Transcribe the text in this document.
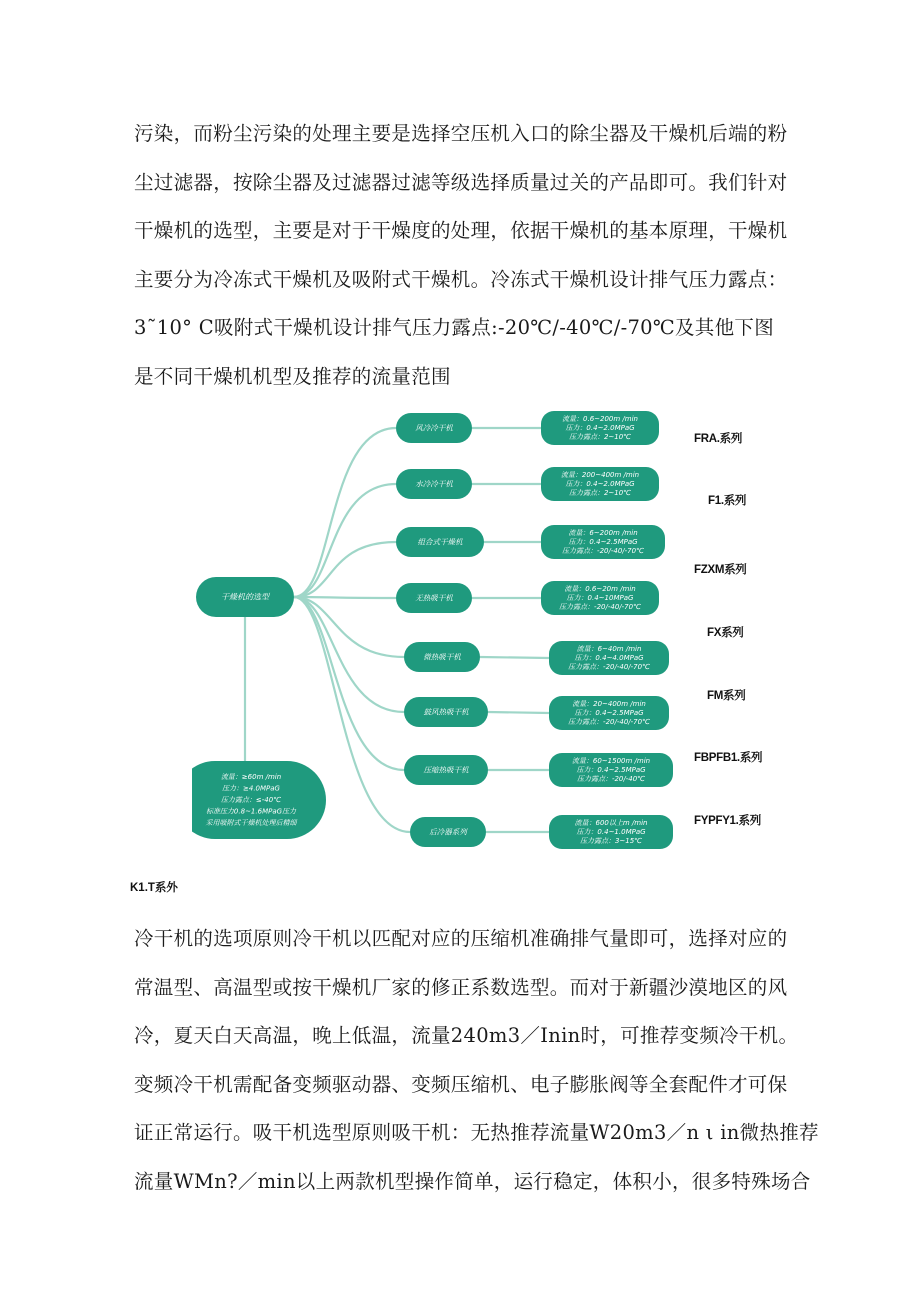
污染，而粉尘污染的处理主要是选择空压机入口的除尘器及干燥机后端的粉
尘过滤器，按除尘器及过滤器过滤等级选择质量过关的产品即可。我们针对
干燥机的选型，主要是对于干燥度的处理，依据干燥机的基本原理，干燥机
主要分为冷冻式干燥机及吸附式干燥机。冷冻式干燥机设计排气压力露点：
3˜10° C吸附式干燥机设计排气压力露点:-20℃/-40℃/-70℃及其他下图
是不同干燥机机型及推荐的流量范围

干燥机的选型
流量：≥60m /min
压力：≥4.0MPaG
压力露点：≤-40℃
标准压力0.8~1.6MPaG压力
采用吸附式干燥机处理后精细
风冷冷干机
流量：0.6~200m /min
压力：0.4~2.0MPaG
压力露点：2~10℃
水冷冷干机
流量：200~400m /min
压力：0.4~2.0MPaG
压力露点：2~10℃
组合式干燥机
流量：6~200m /min
压力：0.4~2.5MPaG
压力露点：-20/-40/-70℃
无热吸干机
流量：0.6~20m /min
压力：0.4~10MPaG
压力露点：-20/-40/-70℃
微热吸干机
流量：6~40m /min
压力：0.4~4.0MPaG
压力露点：-20/-40/-70℃
鼓风热吸干机
流量：20~400m /min
压力：0.4~2.5MPaG
压力露点：-20/-40/-70℃
压缩热吸干机
流量：60~1500m /min
压力：0.4~2.5MPaG
压力露点：-20/-40℃
后冷器系列
流量：600以上m /min
压力：0.4~1.0MPaG
压力露点：3~15℃
FRA.系列
F1.系列
FZXM系列
FX系列
FM系列
FBPFB1.系列
FYPFY1.系列
K1.T系外

冷干机的选项原则冷干机以匹配对应的压缩机准确排气量即可，选择对应的
常温型、高温型或按干燥机厂家的修正系数选型。而对于新疆沙漠地区的风
冷，夏天白天高温，晚上低温，流量240m3／Inin时，可推荐变频冷干机。
变频冷干机需配备变频驱动器、变频压缩机、电子膨胀阀等全套配件才可保
证正常运行。吸干机选型原则吸干机：无热推荐流量W20m3／n ι in微热推荐
流量WMn?／min以上两款机型操作简单，运行稳定，体积小，很多特殊场合
